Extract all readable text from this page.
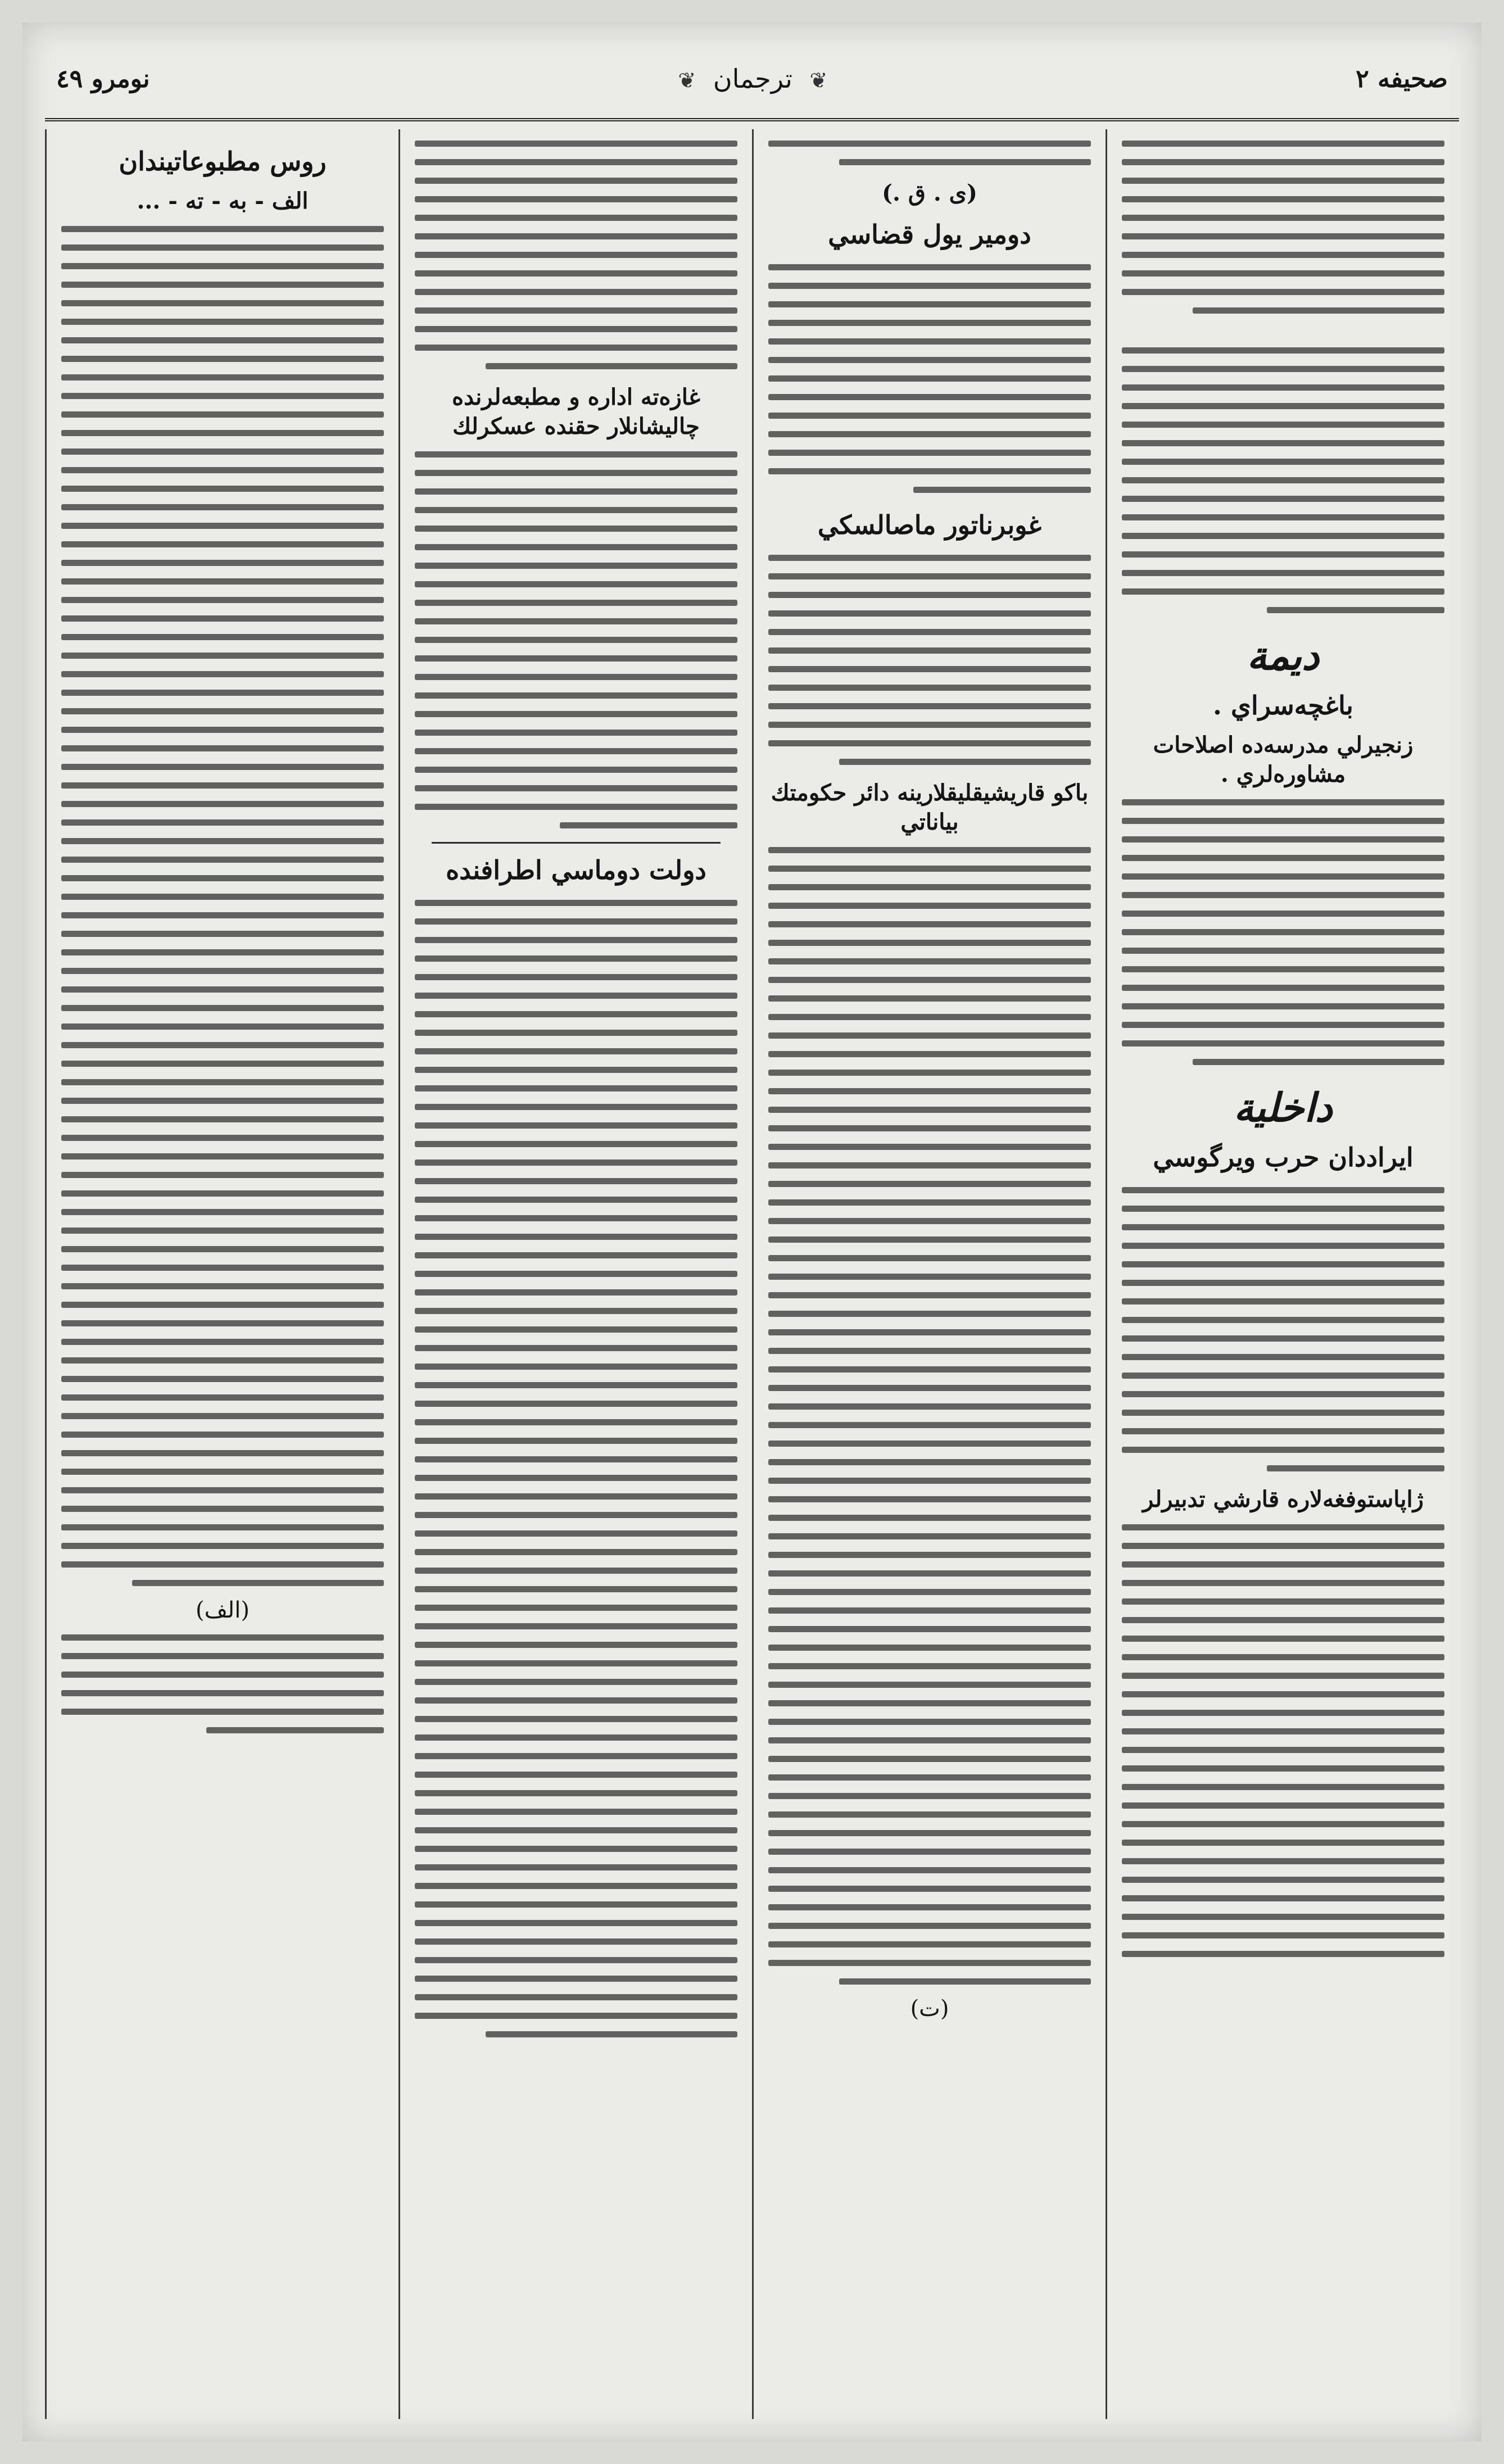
صحيفه ٢
❦ ترجمان ❦
نومرو ٤٩
ديمة
باغچه‌سراي .
زنجيرلي مدرسه‌ده اصلاحات مشاوره‌لري .
داخلية
ايراددان حرب ويرگوسي
ژاپاستوفغه‌لاره قارشي تدبيرلر
(ى . ق .)
دومير يول قضاسي
غوبرناتور ماصالسكي
باكو قاريشيقليقلارينه دائر حكومتك بياناتي
(ت)
غازه‌ته اداره و مطبعه‌لرنده چاليشانلار حقنده عسكرلك
دولت دوماسي اطرافنده
روس مطبوعاتيندان
الف - به - ته - ...
(الف)
